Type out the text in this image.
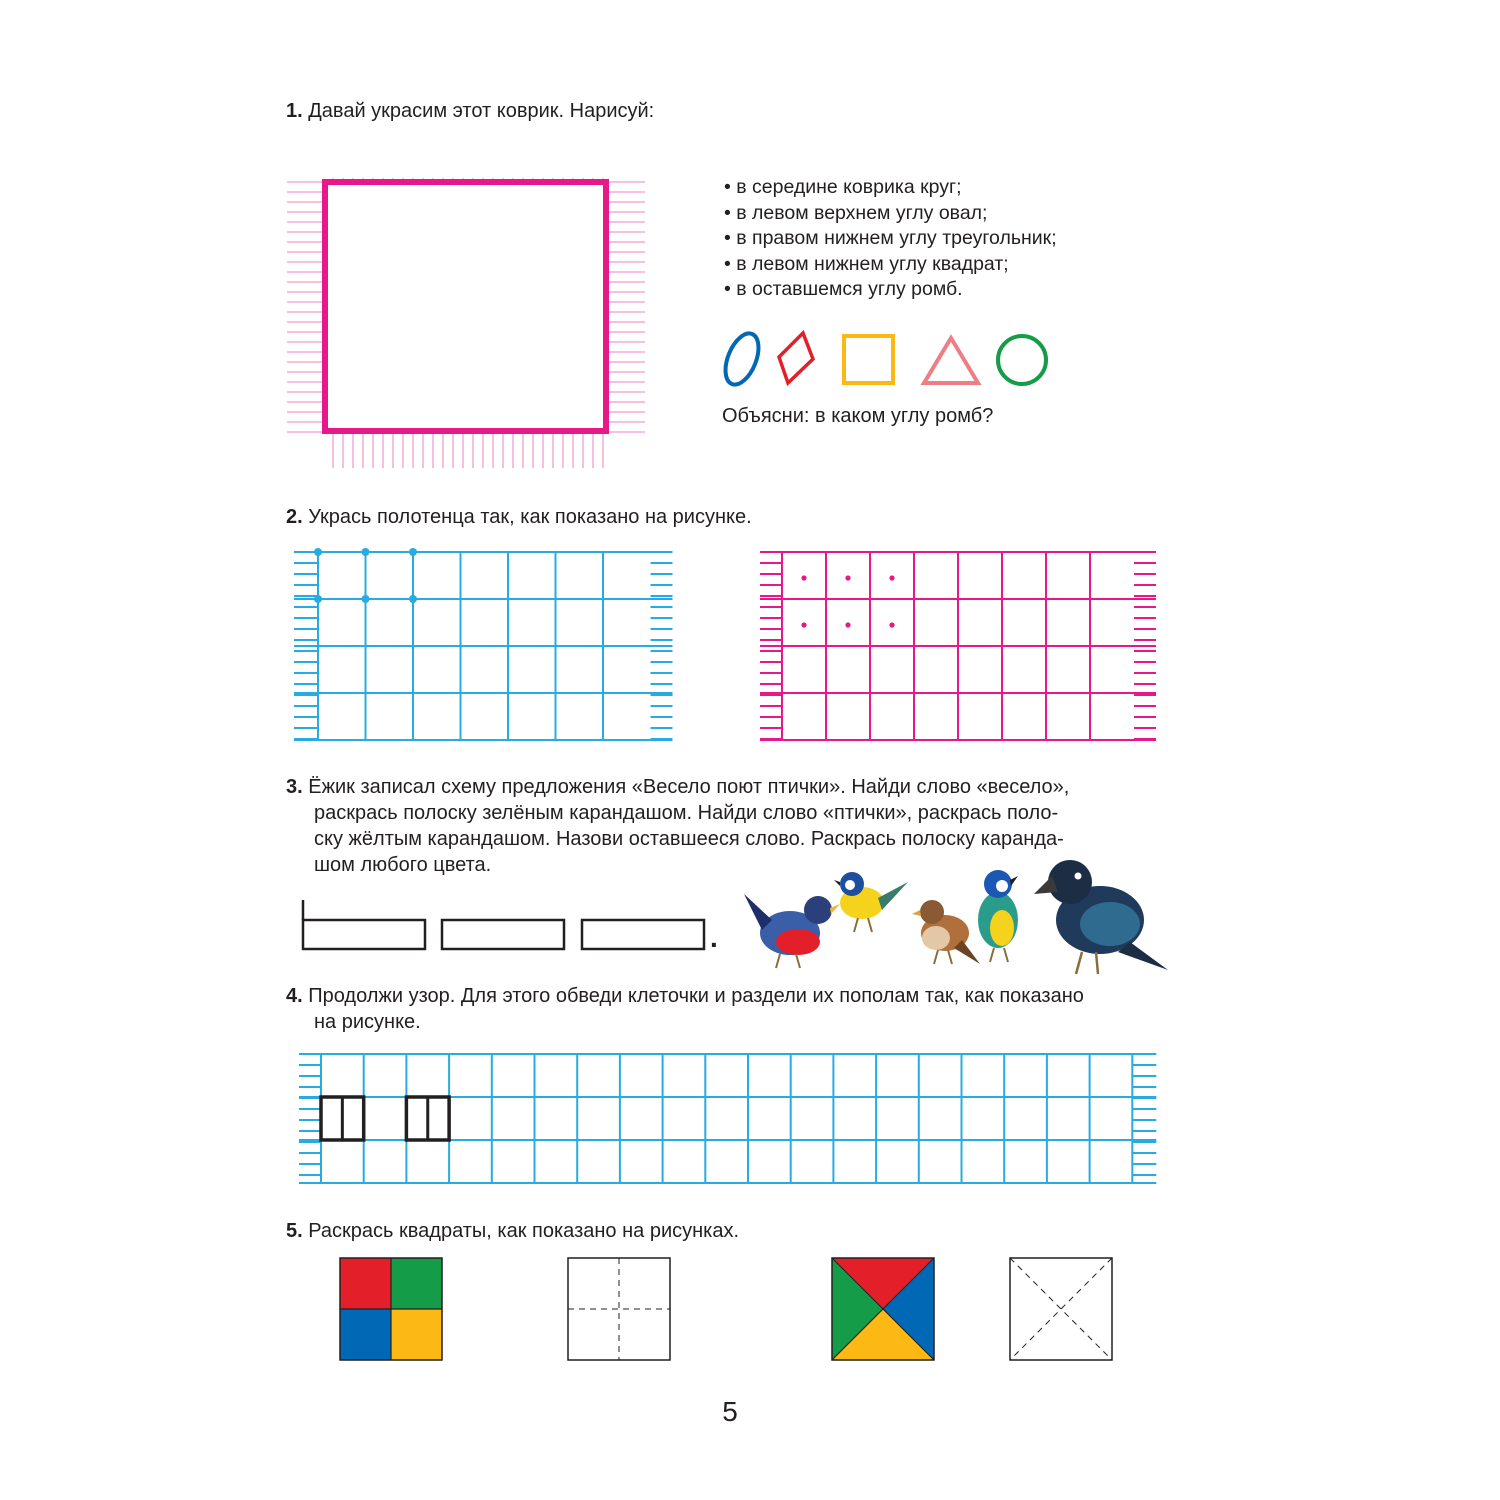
1. Давай украсим этот коврик. Нарисуй:
• в середине коврика круг;
• в левом верхнем углу овал;
• в правом нижнем углу треугольник;
• в левом нижнем углу квадрат;
• в оставшемся углу ромб.
Объясни: в каком углу ромб?
2. Укрась полотенца так, как показано на рисунке.
3. Ёжик записал схему предложения «Весело поют птички». Найди слово «весело»,
раскрась полоску зелёным карандашом. Найди слово «птички», раскрась поло-
ску жёлтым карандашом. Назови оставшееся слово. Раскрась полоску каранда-
шом любого цвета.
.
4. Продолжи узор. Для этого обведи клеточки и раздели их пополам так, как показано
на рисунке.
5. Раскрась квадраты, как показано на рисунках.
5
